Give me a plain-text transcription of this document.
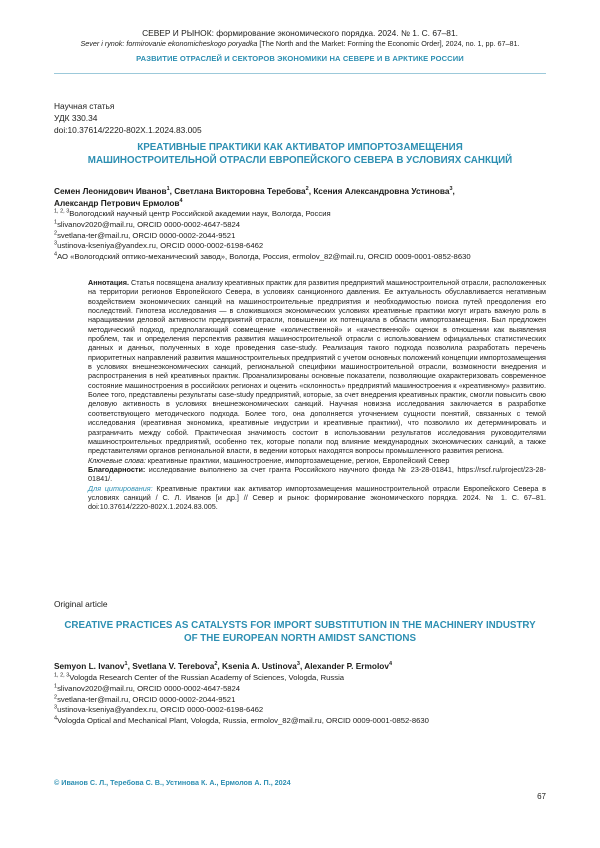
СЕВЕР И РЫНОК: формирование экономического порядка. 2024. № 1. С. 67–81.
Sever i rynok: formirovanie ekonomicheskogo poryadka [The North and the Market: Forming the Economic Order], 2024, no. 1, pp. 67–81.
РАЗВИТИЕ ОТРАСЛЕЙ И СЕКТОРОВ ЭКОНОМИКИ НА СЕВЕРЕ И В АРКТИКЕ РОССИИ
Научная статья
УДК 330.34
doi:10.37614/2220-802X.1.2024.83.005
КРЕАТИВНЫЕ ПРАКТИКИ КАК АКТИВАТОР ИМПОРТОЗАМЕЩЕНИЯ
МАШИНОСТРОИТЕЛЬНОЙ ОТРАСЛИ ЕВРОПЕЙСКОГО СЕВЕРА В УСЛОВИЯХ САНКЦИЙ
Семен Леонидович Иванов$^1$, Светлана Викторовна Теребова$^2$, Ксения Александровна Устинова$^3$,
Александр Петрович Ермолов$^4$
$^{1, 2, 3}$Вологодский научный центр Российской академии наук, Вологда, Россия
$^1$slivanov2020@mail.ru, ORCID 0000-0002-4647-5824
$^2$svetlana-ter@mail.ru, ORCID 0000-0002-2044-9521
$^3$ustinova-kseniya@yandex.ru, ORCID 0000-0002-6198-6462
$^4$АО «Вологодский оптико-механический завод», Вологда, Россия, ermolov_82@mail.ru, ORCID 0009-0001-0852-8630

Аннотация. Статья посвящена анализу креативных практик для развития предприятий машиностроительной отрасли, расположенных на территории регионов Европейского Севера, в условиях санкционного давления. Ее актуальность обуславливается негативным воздействием экономических санкций на машиностроительные предприятия и необходимостью поиска путей преодоления его последствий. Гипотеза исследования — в сложившихся экономических условиях креативные практики могут играть важную роль в наращивании деловой активности предприятий отрасли, повышении их потенциала в области импортозамещения. Был предложен методический подход, предполагающий совмещение «количественной» и «качественной» оценок в отношении как выявления проблем, так и определения перспектив развития машиностроительной отрасли с использованием официальных статистических данных и данных, полученных в ходе проведения case-study. Реализация такого подхода позволила разработать перечень приоритетных направлений развития машиностроительных предприятий с учетом основных положений концепции импортозамещения в условиях внешнеэкономических санкций, региональной специфики машиностроительной отрасли, возможности внедрения и распространения в ней креативных практик. Проанализированы основные показатели, позволяющие охарактеризовать современное состояние машиностроения в российских регионах и оценить «склонность» предприятий машиностроения к «креативному» развитию. Более того, представлены результаты case-study предприятий, которые, за счет внедрения креативных практик, смогли повысить свою деловую активность в условиях внешнеэкономических санкций. Научная новизна исследования заключается в разработке соответствующего методического подхода. Более того, она дополняется уточнением сущности понятий, связанных с темой исследования (креативная экономика, креативные индустрии и креативные практики), что позволило их детерминировать и разграничить между собой. Практическая значимость состоит в использовании результатов исследования руководителями машиностроительных предприятий, особенно тех, которые попали под влияние международных экономических санкций, а также представителями органов региональной власти, в ведении которых находятся вопросы промышленного развития региона.

Ключевые слова: креативные практики, машиностроение, импортозамещение, регион, Европейский Север

Благодарности: исследование выполнено за счет гранта Российского научного фонда № 23-28-01841, https://rscf.ru/project/23-28-01841/.

Для цитирования: Креативные практики как активатор импортозамещения машиностроительной отрасли Европейского Севера в условиях санкций / С. Л. Иванов [и др.] // Север и рынок: формирование экономического порядка. 2024. № 1. С. 67–81. doi:10.37614/2220-802X.1.2024.83.005.

Original article
CREATIVE PRACTICES AS CATALYSTS FOR IMPORT SUBSTITUTION IN THE MACHINERY INDUSTRY
OF THE EUROPEAN NORTH AMIDST SANCTIONS
Semyon L. Ivanov$^1$, Svetlana V. Terebova$^2$, Ksenia A. Ustinova$^3$, Alexander P. Ermolov$^4$
$^{1, 2, 3}$Vologda Research Center of the Russian Academy of Sciences, Vologda, Russia
$^1$slivanov2020@mail.ru, ORCID 0000-0002-4647-5824
$^2$svetlana-ter@mail.ru, ORCID 0000-0002-2044-9521
$^3$ustinova-kseniya@yandex.ru, ORCID 0000-0002-6198-6462
$^4$Vologda Optical and Mechanical Plant, Vologda, Russia, ermolov_82@mail.ru, ORCID 0009-0001-0852-8630
© Иванов С. Л., Теребова С. В., Устинова К. А., Ермолов А. П., 2024
67
